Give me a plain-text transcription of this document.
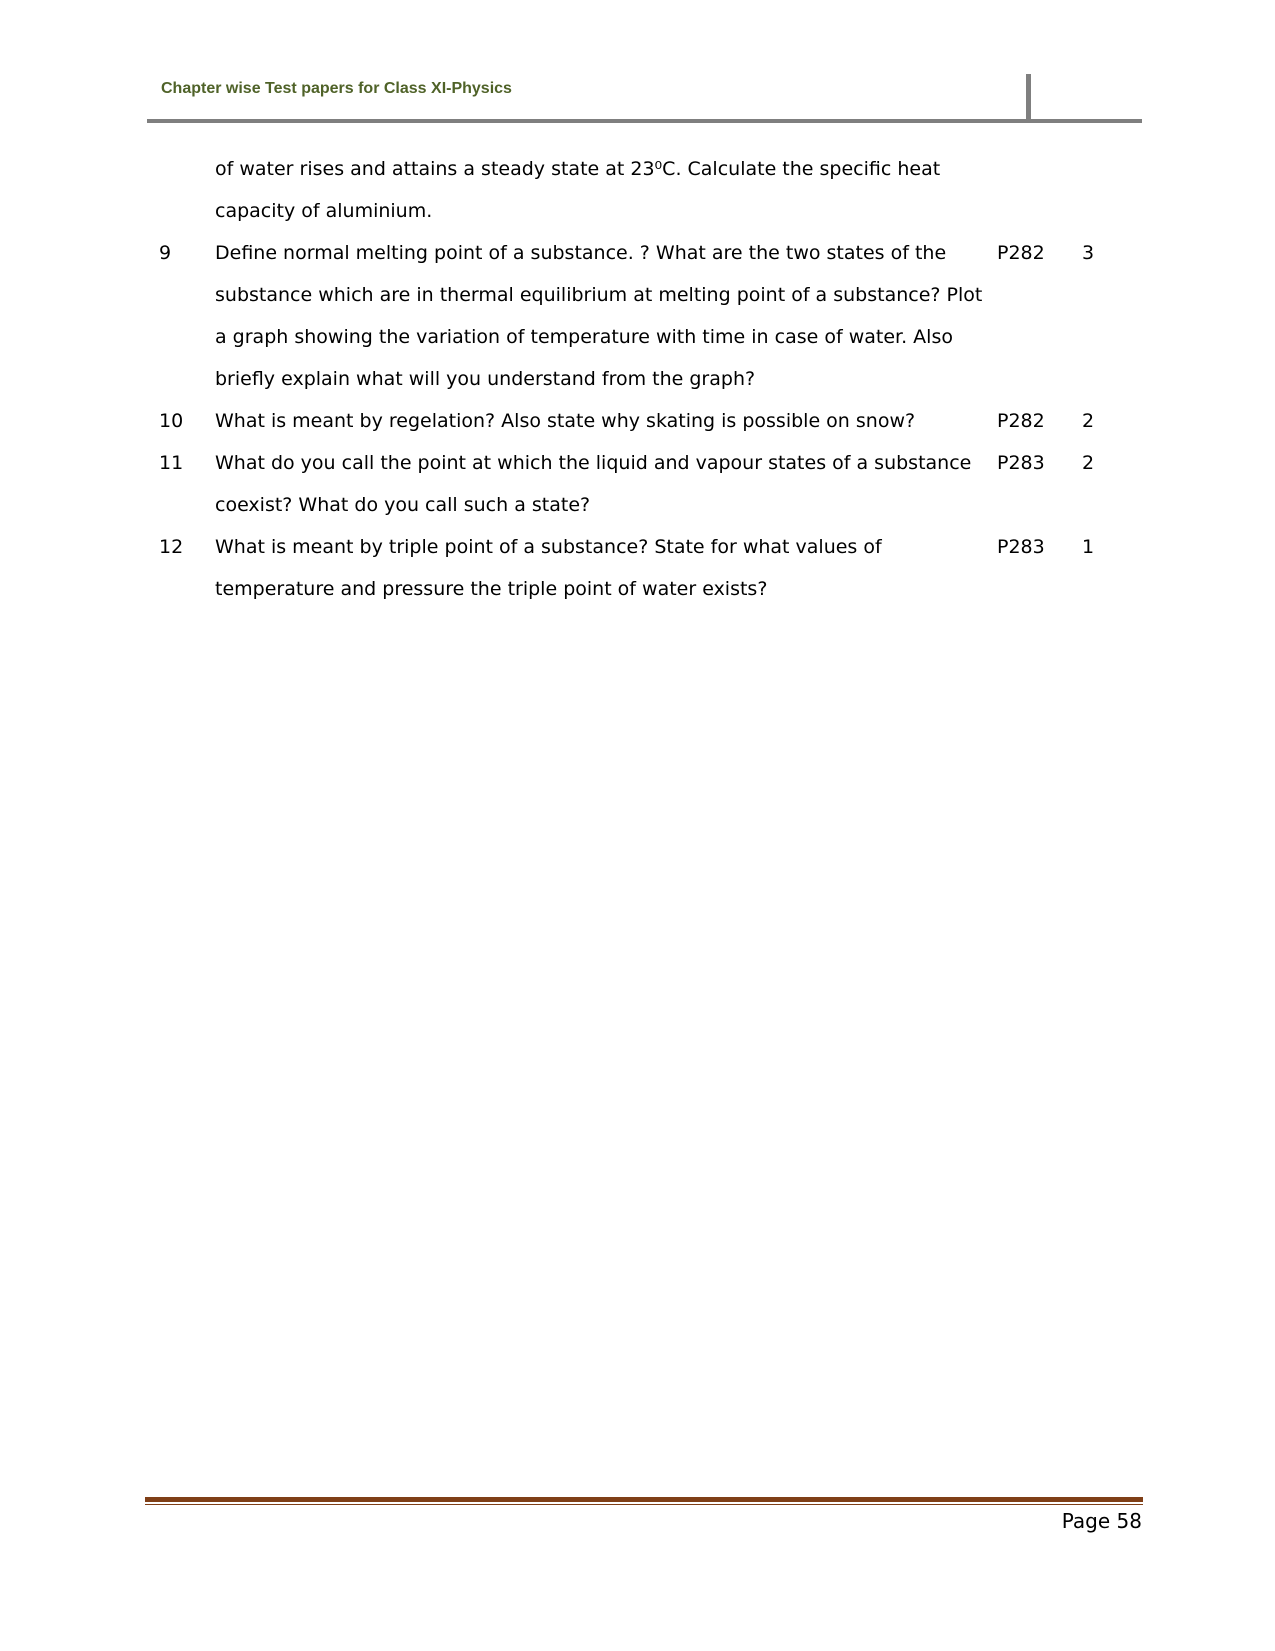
Chapter wise Test papers for Class XI-Physics
of water rises and attains a steady state at 23⁰C. Calculate the specific heat
capacity of aluminium.
9	Define normal melting point of a substance. ? What are the two states of the
substance which are in thermal equilibrium at melting point of a substance? Plot
a graph showing the variation of temperature with time in case of water. Also
briefly explain what will you understand from the graph?
P282	3
10	What is meant by regelation? Also state why skating is possible on snow?	P282	2
11	What do you call the point at which the liquid and vapour states of a substance
coexist? What do you call such a state?
P283	2
12	What is meant by triple point of a substance? State for what values of
temperature and pressure the triple point of water exists?
P283	1
Page 58
